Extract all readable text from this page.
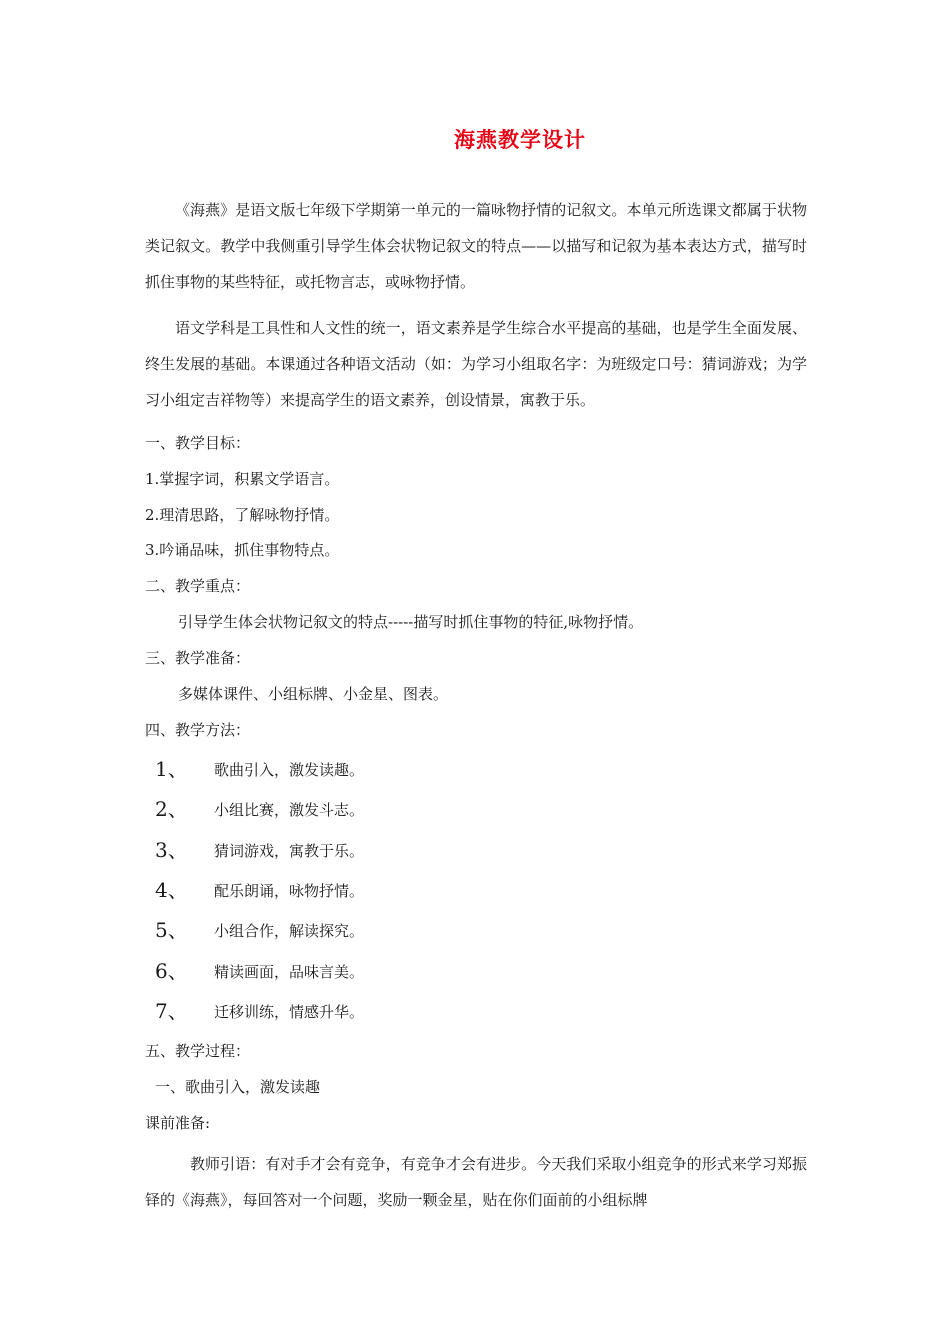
海燕教学设计
《海燕》是语文版七年级下学期第一单元的一篇咏物抒情的记叙文。本单元所选课文都属于状物类记叙文。教学中我侧重引导学生体会状物记叙文的特点——以描写和记叙为基本表达方式，描写时抓住事物的某些特征，或托物言志，或咏物抒情。
语文学科是工具性和人文性的统一，语文素养是学生综合水平提高的基础，也是学生全面发展、终生发展的基础。本课通过各种语文活动（如：为学习小组取名字：为班级定口号：猜词游戏；为学习小组定吉祥物等）来提高学生的语文素养，创设情景，寓教于乐。
一、教学目标：
1.掌握字词，积累文学语言。
2.理清思路，了解咏物抒情。
3.吟诵品味，抓住事物特点。
二、教学重点：
引导学生体会状物记叙文的特点-----描写时抓住事物的特征,咏物抒情。
三、教学准备：
多媒体课件、小组标牌、小金星、图表。
四、教学方法：
1、 歌曲引入，激发读趣。
2、 小组比赛，激发斗志。
3、 猜词游戏，寓教于乐。
4、 配乐朗诵，咏物抒情。
5、 小组合作，解读探究。
6、 精读画面，品味言美。
7、 迁移训练，情感升华。
五、教学过程：
一、歌曲引入，激发读趣
课前准备:
教师引语：有对手才会有竞争，有竞争才会有进步。今天我们采取小组竞争的形式来学习郑振铎的《海燕》，每回答对一个问题，奖励一颗金星，贴在你们面前的小组标牌
